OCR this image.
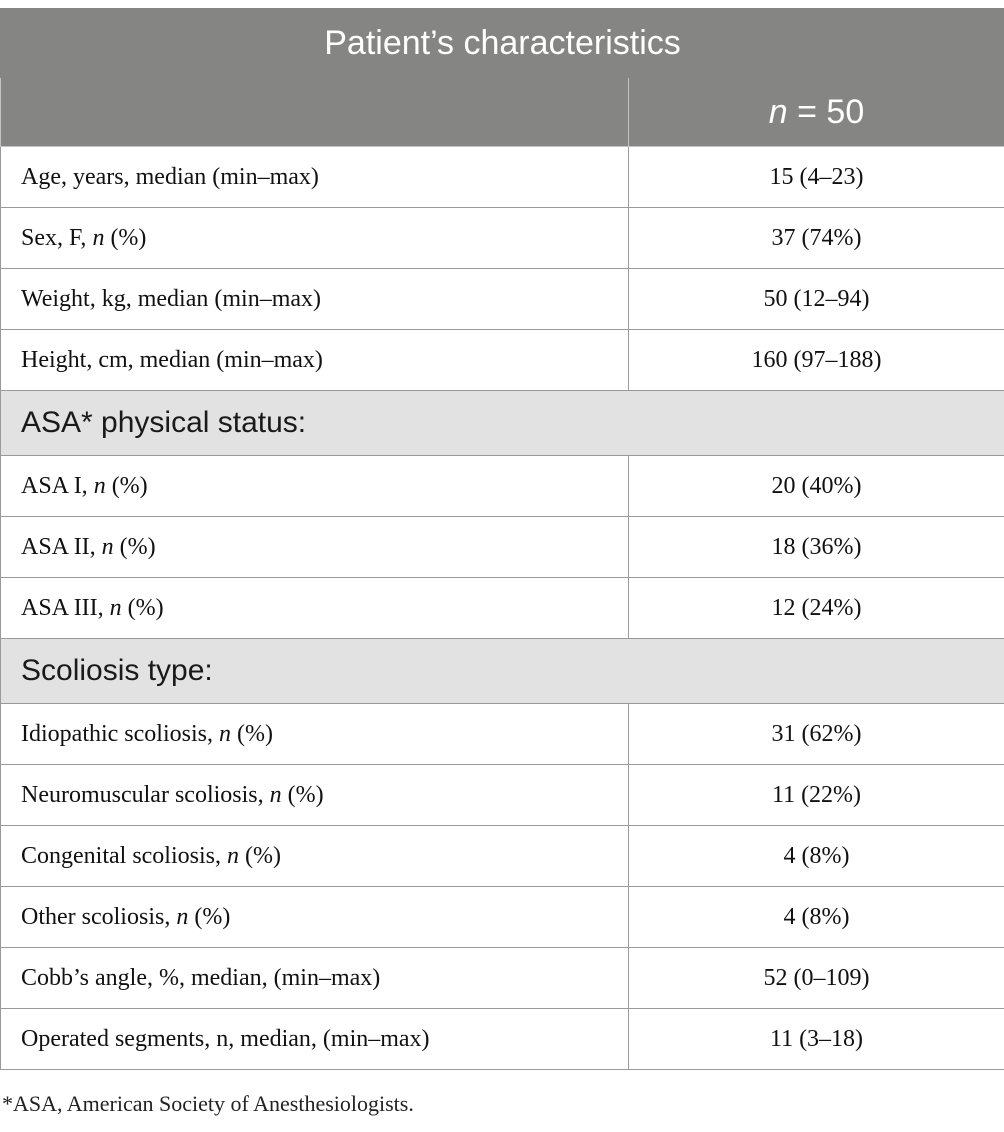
Patient’s characteristics	
	n = 50
Age, years, median (min–max)	15 (4–23)
Sex, F, n (%)	37 (74%)
Weight, kg, median (min–max)	50 (12–94)
Height, cm, median (min–max)	160 (97–188)
ASA* physical status:	
ASA I, n (%)	20 (40%)
ASA II, n (%)	18 (36%)
ASA III, n (%)	12 (24%)
Scoliosis type:	
Idiopathic scoliosis, n (%)	31 (62%)
Neuromuscular scoliosis, n (%)	11 (22%)
Congenital scoliosis, n (%)	4 (8%)
Other scoliosis, n (%)	4 (8%)
Cobb’s angle, %, median, (min–max)	52 (0–109)
Operated segments, n, median, (min–max)	11 (3–18)
*ASA, American Society of Anesthesiologists.
